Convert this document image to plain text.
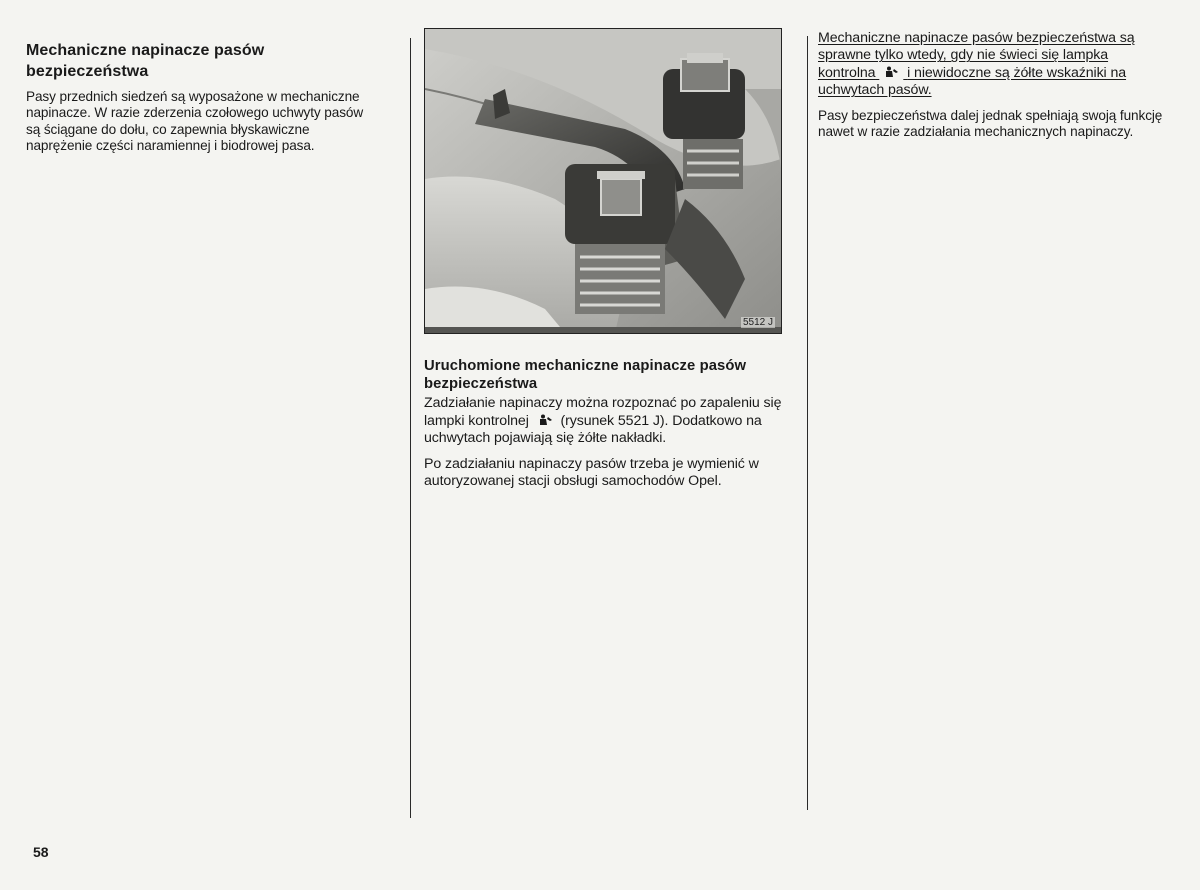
Mechaniczne napinacze pasów bezpieczeństwa

Pasy przednich siedzeń są wyposażone w mechaniczne napinacze. W razie zderzenia czołowego uchwyty pasów są ściągane do dołu, co zapewnia błyskawiczne naprężenie części naramiennej i biodrowej pasa.

5512 J
Uruchomione mechaniczne napinacze pasów bezpieczeństwa

Zadziałanie napinaczy można rozpoznać po zapaleniu się lampki kontrolnej (rysunek 5521 J). Dodatkowo na uchwytach pojawiają się żółte nakładki.

Po zadziałaniu napinaczy pasów trzeba je wymienić w autoryzowanej stacji obsługi samochodów Opel.

Mechaniczne napinacze pasów bezpieczeństwa są sprawne tylko wtedy, gdy nie świeci się lampka kontrolna i niewidoczne są żółte wskaźniki na uchwytach pasów.

Pasy bezpieczeństwa dalej jednak spełniają swoją funkcję nawet w razie zadziałania mechanicznych napinaczy.

58
